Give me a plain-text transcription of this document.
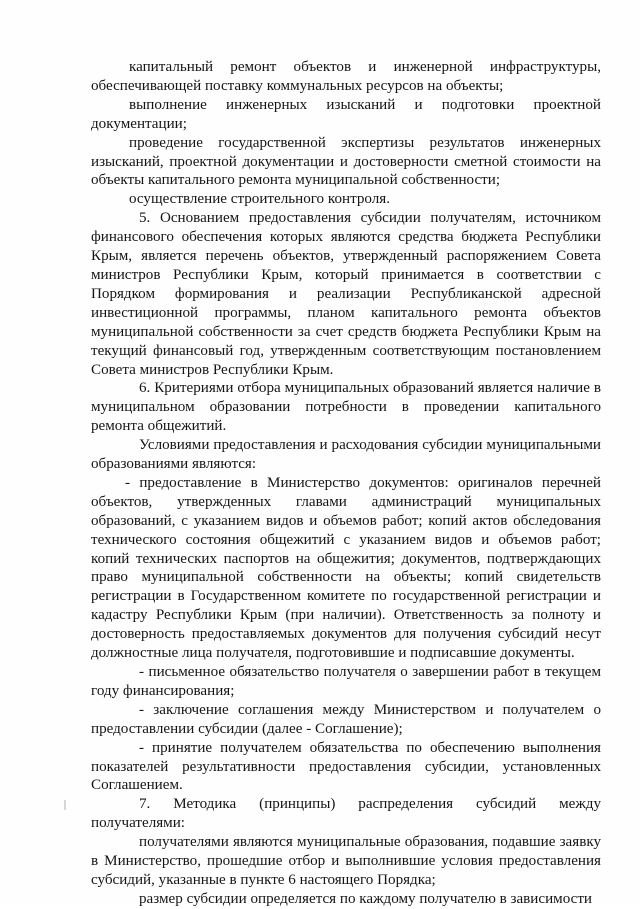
капитальный ремонт объектов и инженерной инфраструктуры, обеспечивающей поставку коммунальных ресурсов на объекты;

выполнение инженерных изысканий и подготовки проектной документации;

проведение государственной экспертизы результатов инженерных изысканий, проектной документации и достоверности сметной стоимости на объекты капитального ремонта муниципальной собственности;

осуществление строительного контроля.

5. Основанием предоставления субсидии получателям, источником финансового обеспечения которых являются средства бюджета Республики Крым, является перечень объектов, утвержденный распоряжением Совета министров Республики Крым, который принимается в соответствии с Порядком формирования и реализации Республиканской адресной инвестиционной программы, планом капитального ремонта объектов муниципальной собственности за счет средств бюджета Республики Крым на текущий финансовый год, утвержденным соответствующим постановлением Совета министров Республики Крым.

6. Критериями отбора муниципальных образований является наличие в муниципальном образовании потребности в проведении капитального ремонта общежитий.

Условиями предоставления и расходования субсидии муниципальными образованиями являются:

- предоставление в Министерство документов: оригиналов перечней объектов, утвержденных главами администраций муниципальных образований, с указанием видов и объемов работ; копий актов обследования технического состояния общежитий с указанием видов и объемов работ; копий технических паспортов на общежития; документов, подтверждающих право муниципальной собственности на объекты; копий свидетельств регистрации в Государственном комитете по государственной регистрации и кадастру Республики Крым (при наличии). Ответственность за полноту и достоверность предоставляемых документов для получения субсидий несут должностные лица получателя, подготовившие и подписавшие документы.

- письменное обязательство получателя о завершении работ в текущем году финансирования;

- заключение соглашения между Министерством и получателем о предоставлении субсидии (далее - Соглашение);

- принятие получателем обязательства по обеспечению выполнения показателей результативности предоставления субсидии, установленных Соглашением.

7. Методика (принципы) распределения субсидий между получателями:

получателями являются муниципальные образования, подавшие заявку в Министерство, прошедшие отбор и выполнившие условия предоставления субсидий, указанные в пункте 6 настоящего Порядка;

размер субсидии определяется по каждому получателю в зависимости
